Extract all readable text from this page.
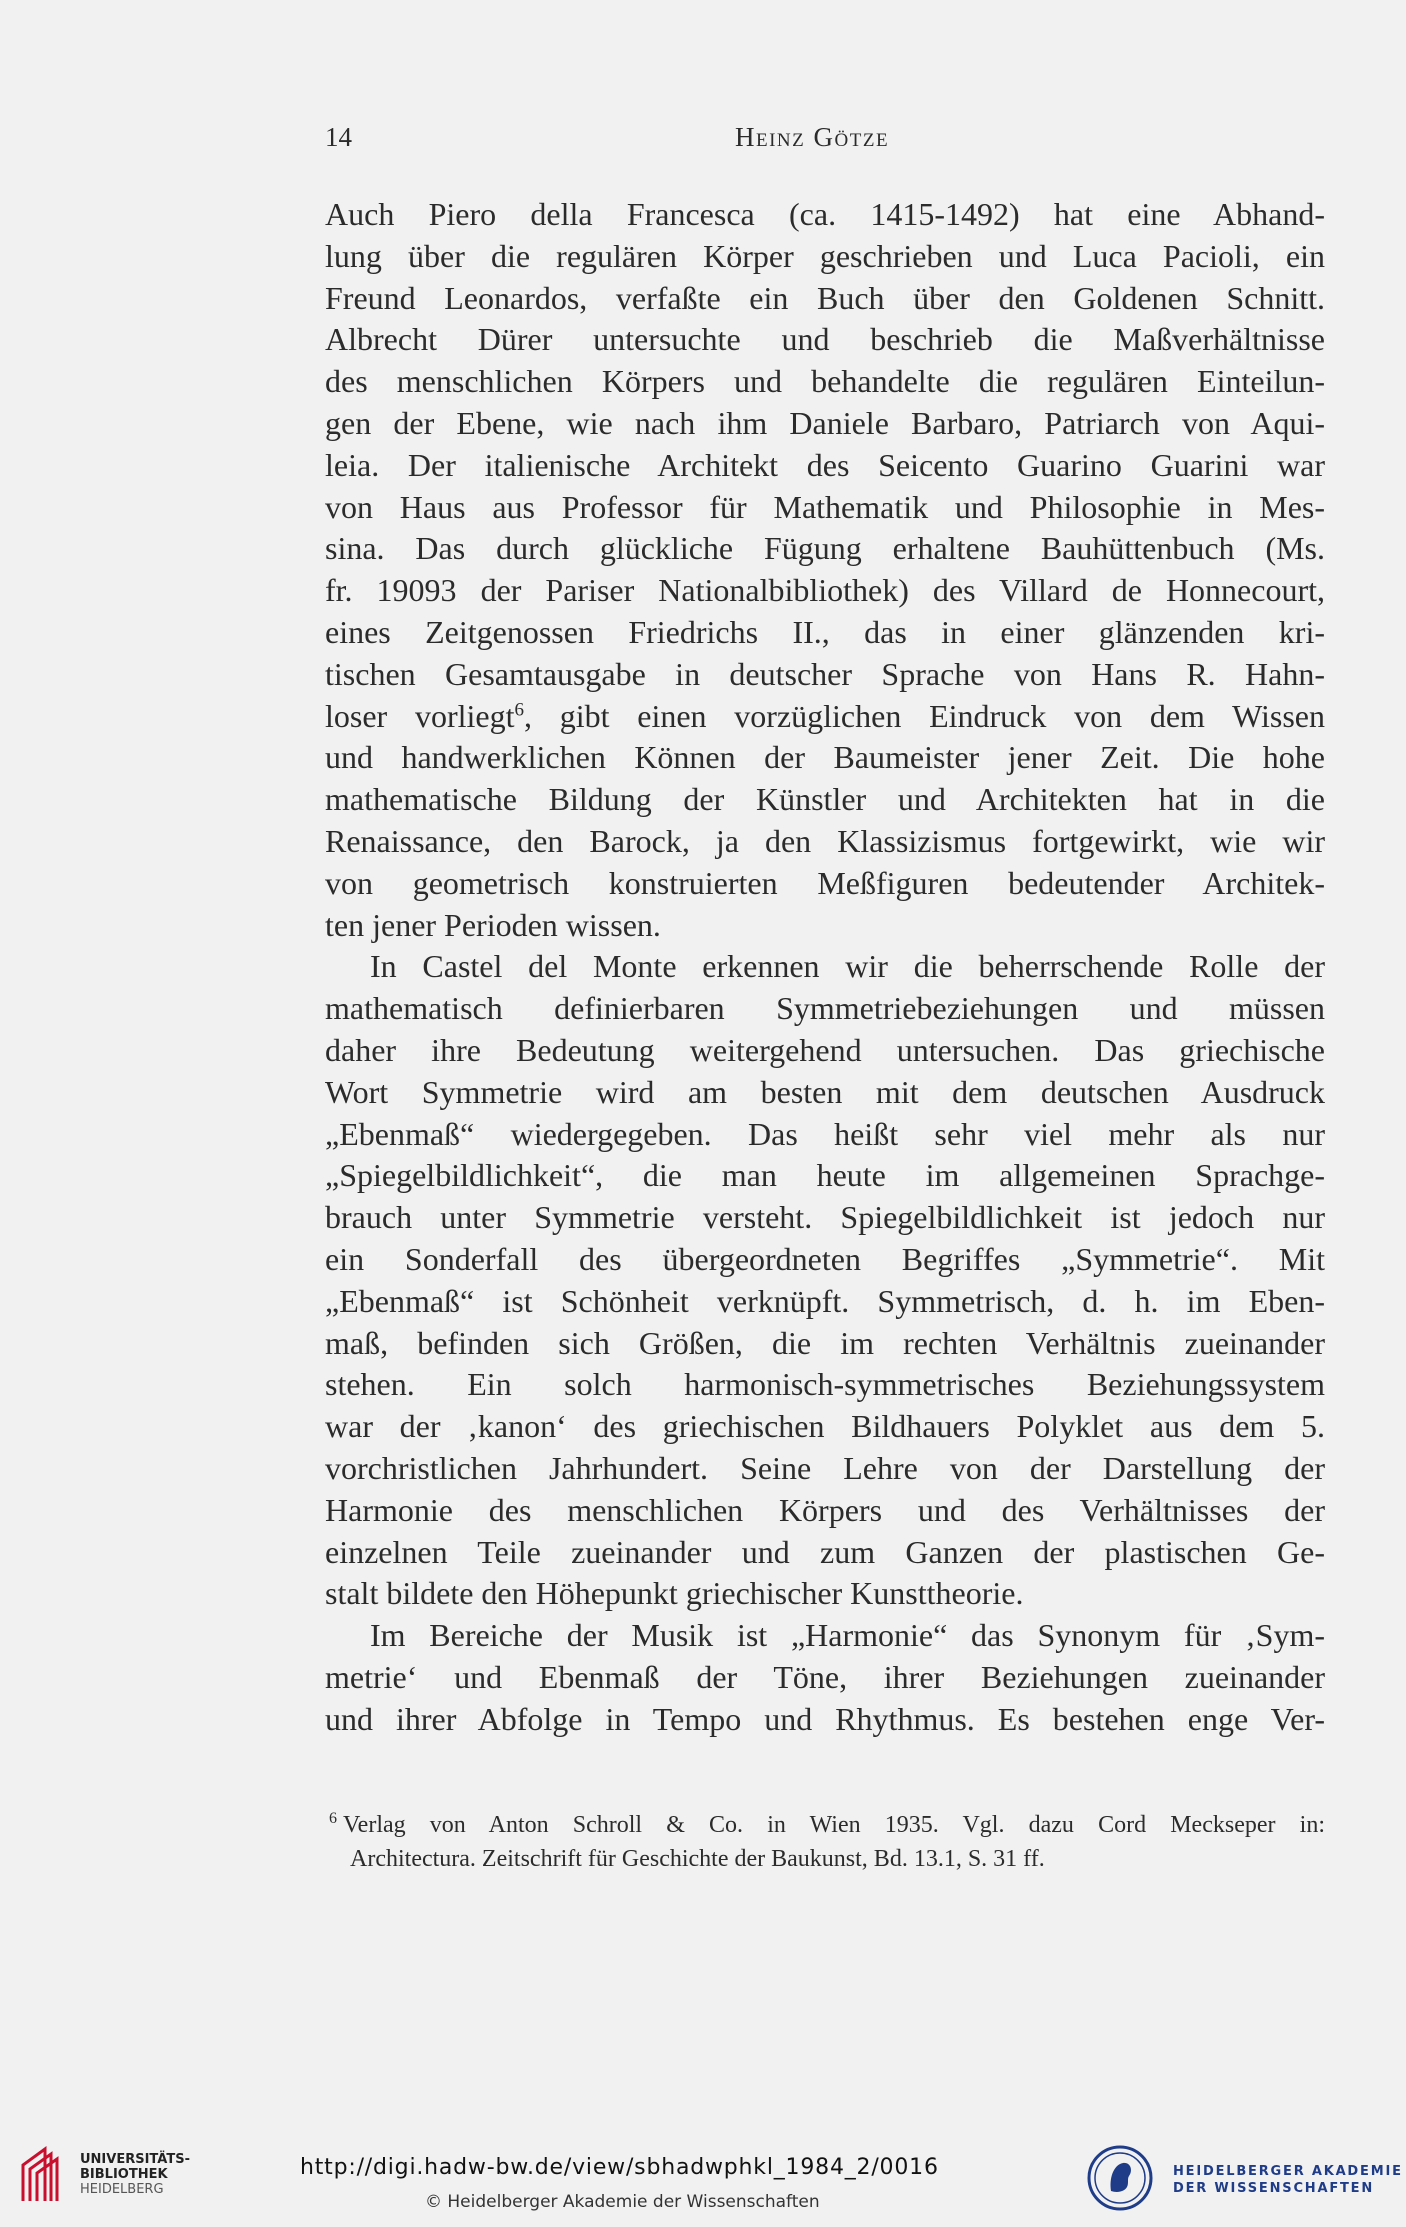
14	Heinz Götze
Auch Piero della Francesca (ca. 1415-1492) hat eine Abhand-
lung über die regulären Körper geschrieben und Luca Pacioli, ein
Freund Leonardos, verfaßte ein Buch über den Goldenen Schnitt.
Albrecht Dürer untersuchte und beschrieb die Maßverhältnisse
des menschlichen Körpers und behandelte die regulären Einteilun-
gen der Ebene, wie nach ihm Daniele Barbaro, Patriarch von Aqui-
leia. Der italienische Architekt des Seicento Guarino Guarini war
von Haus aus Professor für Mathematik und Philosophie in Mes-
sina. Das durch glückliche Fügung erhaltene Bauhüttenbuch (Ms.
fr. 19093 der Pariser Nationalbibliothek) des Villard de Honnecourt,
eines Zeitgenossen Friedrichs II., das in einer glänzenden kri-
tischen Gesamtausgabe in deutscher Sprache von Hans R. Hahn-
loser vorliegt$^6$, gibt einen vorzüglichen Eindruck von dem Wissen
und handwerklichen Können der Baumeister jener Zeit. Die hohe
mathematische Bildung der Künstler und Architekten hat in die
Renaissance, den Barock, ja den Klassizismus fortgewirkt, wie wir
von geometrisch konstruierten Meßfiguren bedeutender Architek-
ten jener Perioden wissen.
In Castel del Monte erkennen wir die beherrschende Rolle der
mathematisch definierbaren Symmetriebeziehungen und müssen
daher ihre Bedeutung weitergehend untersuchen. Das griechische
Wort Symmetrie wird am besten mit dem deutschen Ausdruck
„Ebenmaß“ wiedergegeben. Das heißt sehr viel mehr als nur
„Spiegelbildlichkeit“, die man heute im allgemeinen Sprachge-
brauch unter Symmetrie versteht. Spiegelbildlichkeit ist jedoch nur
ein Sonderfall des übergeordneten Begriffes „Symmetrie“. Mit
„Ebenmaß“ ist Schönheit verknüpft. Symmetrisch, d. h. im Eben-
maß, befinden sich Größen, die im rechten Verhältnis zueinander
stehen. Ein solch harmonisch-symmetrisches Beziehungssystem
war der ‚kanon‘ des griechischen Bildhauers Polyklet aus dem 5.
vorchristlichen Jahrhundert. Seine Lehre von der Darstellung der
Harmonie des menschlichen Körpers und des Verhältnisses der
einzelnen Teile zueinander und zum Ganzen der plastischen Ge-
stalt bildete den Höhepunkt griechischer Kunsttheorie.
Im Bereiche der Musik ist „Harmonie“ das Synonym für ‚Sym-
metrie‘ und Ebenmaß der Töne, ihrer Beziehungen zueinander
und ihrer Abfolge in Tempo und Rhythmus. Es bestehen enge Ver-
$^6$ Verlag von Anton Schroll & Co. in Wien 1935. Vgl. dazu Cord Meckseper in:
Architectura. Zeitschrift für Geschichte der Baukunst, Bd. 13.1, S. 31 ff.
UNIVERSITÄTS-
BIBLIOTHEK
HEIDELBERG
http://digi.hadw-bw.de/view/sbhadwphkl_1984_2/0016
© Heidelberger Akademie der Wissenschaften
HEIDELBERGER AKADEMIE
DER WISSENSCHAFTEN
